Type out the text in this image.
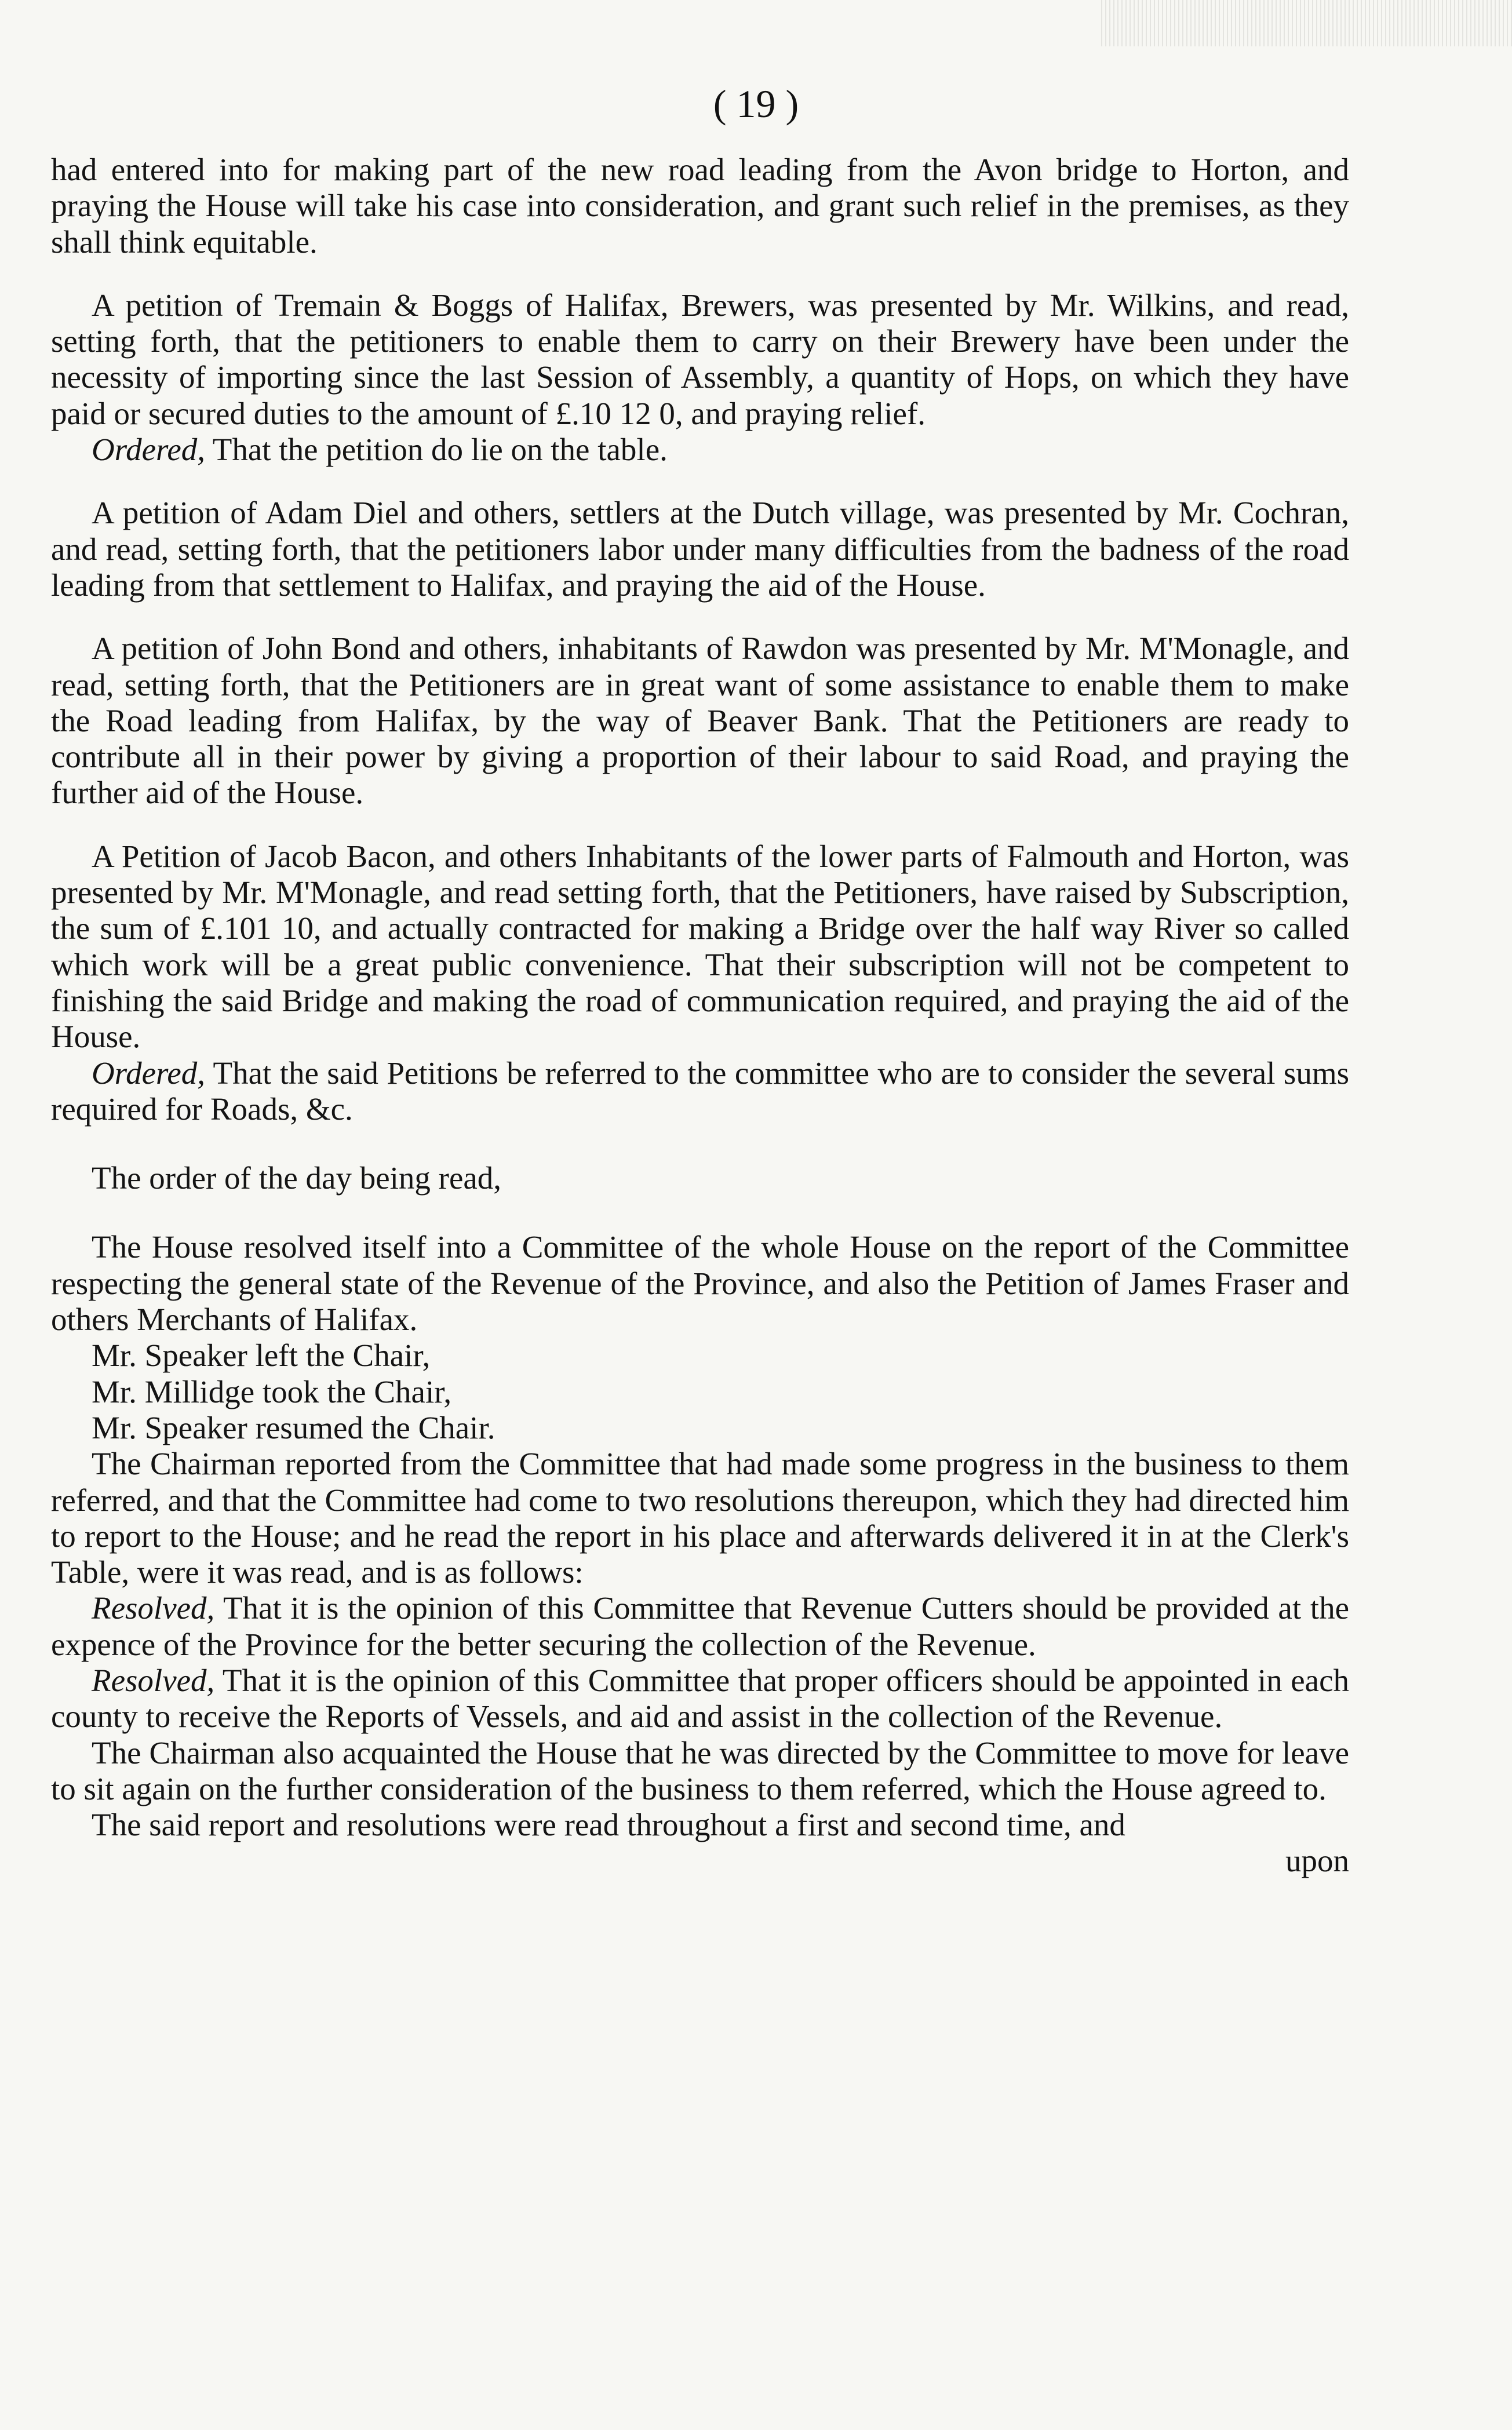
( 19 )

had entered into for making part of the new road leading from the Avon bridge to Horton, and praying the House will take his case into consideration, and grant such relief in the premises, as they shall think equitable.

A petition of Tremain & Boggs of Halifax, Brewers, was presented by Mr. Wilkins, and read, setting forth, that the petitioners to enable them to carry on their Brewery have been under the necessity of importing since the last Session of Assembly, a quantity of Hops, on which they have paid or secured duties to the amount of £.10 12 0, and praying relief.

Ordered, That the petition do lie on the table.

A petition of Adam Diel and others, settlers at the Dutch village, was presented by Mr. Cochran, and read, setting forth, that the petitioners labor under many difficulties from the badness of the road leading from that settlement to Halifax, and praying the aid of the House.

A petition of John Bond and others, inhabitants of Rawdon was presented by Mr. M'Monagle, and read, setting forth, that the Petitioners are in great want of some assistance to enable them to make the Road leading from Halifax, by the way of Beaver Bank. That the Petitioners are ready to contribute all in their power by giving a proportion of their labour to said Road, and praying the further aid of the House.

A Petition of Jacob Bacon, and others Inhabitants of the lower parts of Falmouth and Horton, was presented by Mr. M'Monagle, and read setting forth, that the Petitioners, have raised by Subscription, the sum of £.101 10, and actually contracted for making a Bridge over the half way River so called which work will be a great public convenience. That their subscription will not be competent to finishing the said Bridge and making the road of communication required, and praying the aid of the House.

Ordered, That the said Petitions be referred to the committee who are to consider the several sums required for Roads, &c.

The order of the day being read,

The House resolved itself into a Committee of the whole House on the report of the Committee respecting the general state of the Revenue of the Province, and also the Petition of James Fraser and others Merchants of Halifax.

Mr. Speaker left the Chair,

Mr. Millidge took the Chair,

Mr. Speaker resumed the Chair.

The Chairman reported from the Committee that had made some progress in the business to them referred, and that the Committee had come to two resolutions thereupon, which they had directed him to report to the House; and he read the report in his place and afterwards delivered it in at the Clerk's Table, were it was read, and is as follows:

Resolved, That it is the opinion of this Committee that Revenue Cutters should be provided at the expence of the Province for the better securing the collection of the Revenue.

Resolved, That it is the opinion of this Committee that proper officers should be appointed in each county to receive the Reports of Vessels, and aid and assist in the collection of the Revenue.

The Chairman also acquainted the House that he was directed by the Committee to move for leave to sit again on the further consideration of the business to them referred, which the House agreed to.

The said report and resolutions were read throughout a first and second time, and

upon
